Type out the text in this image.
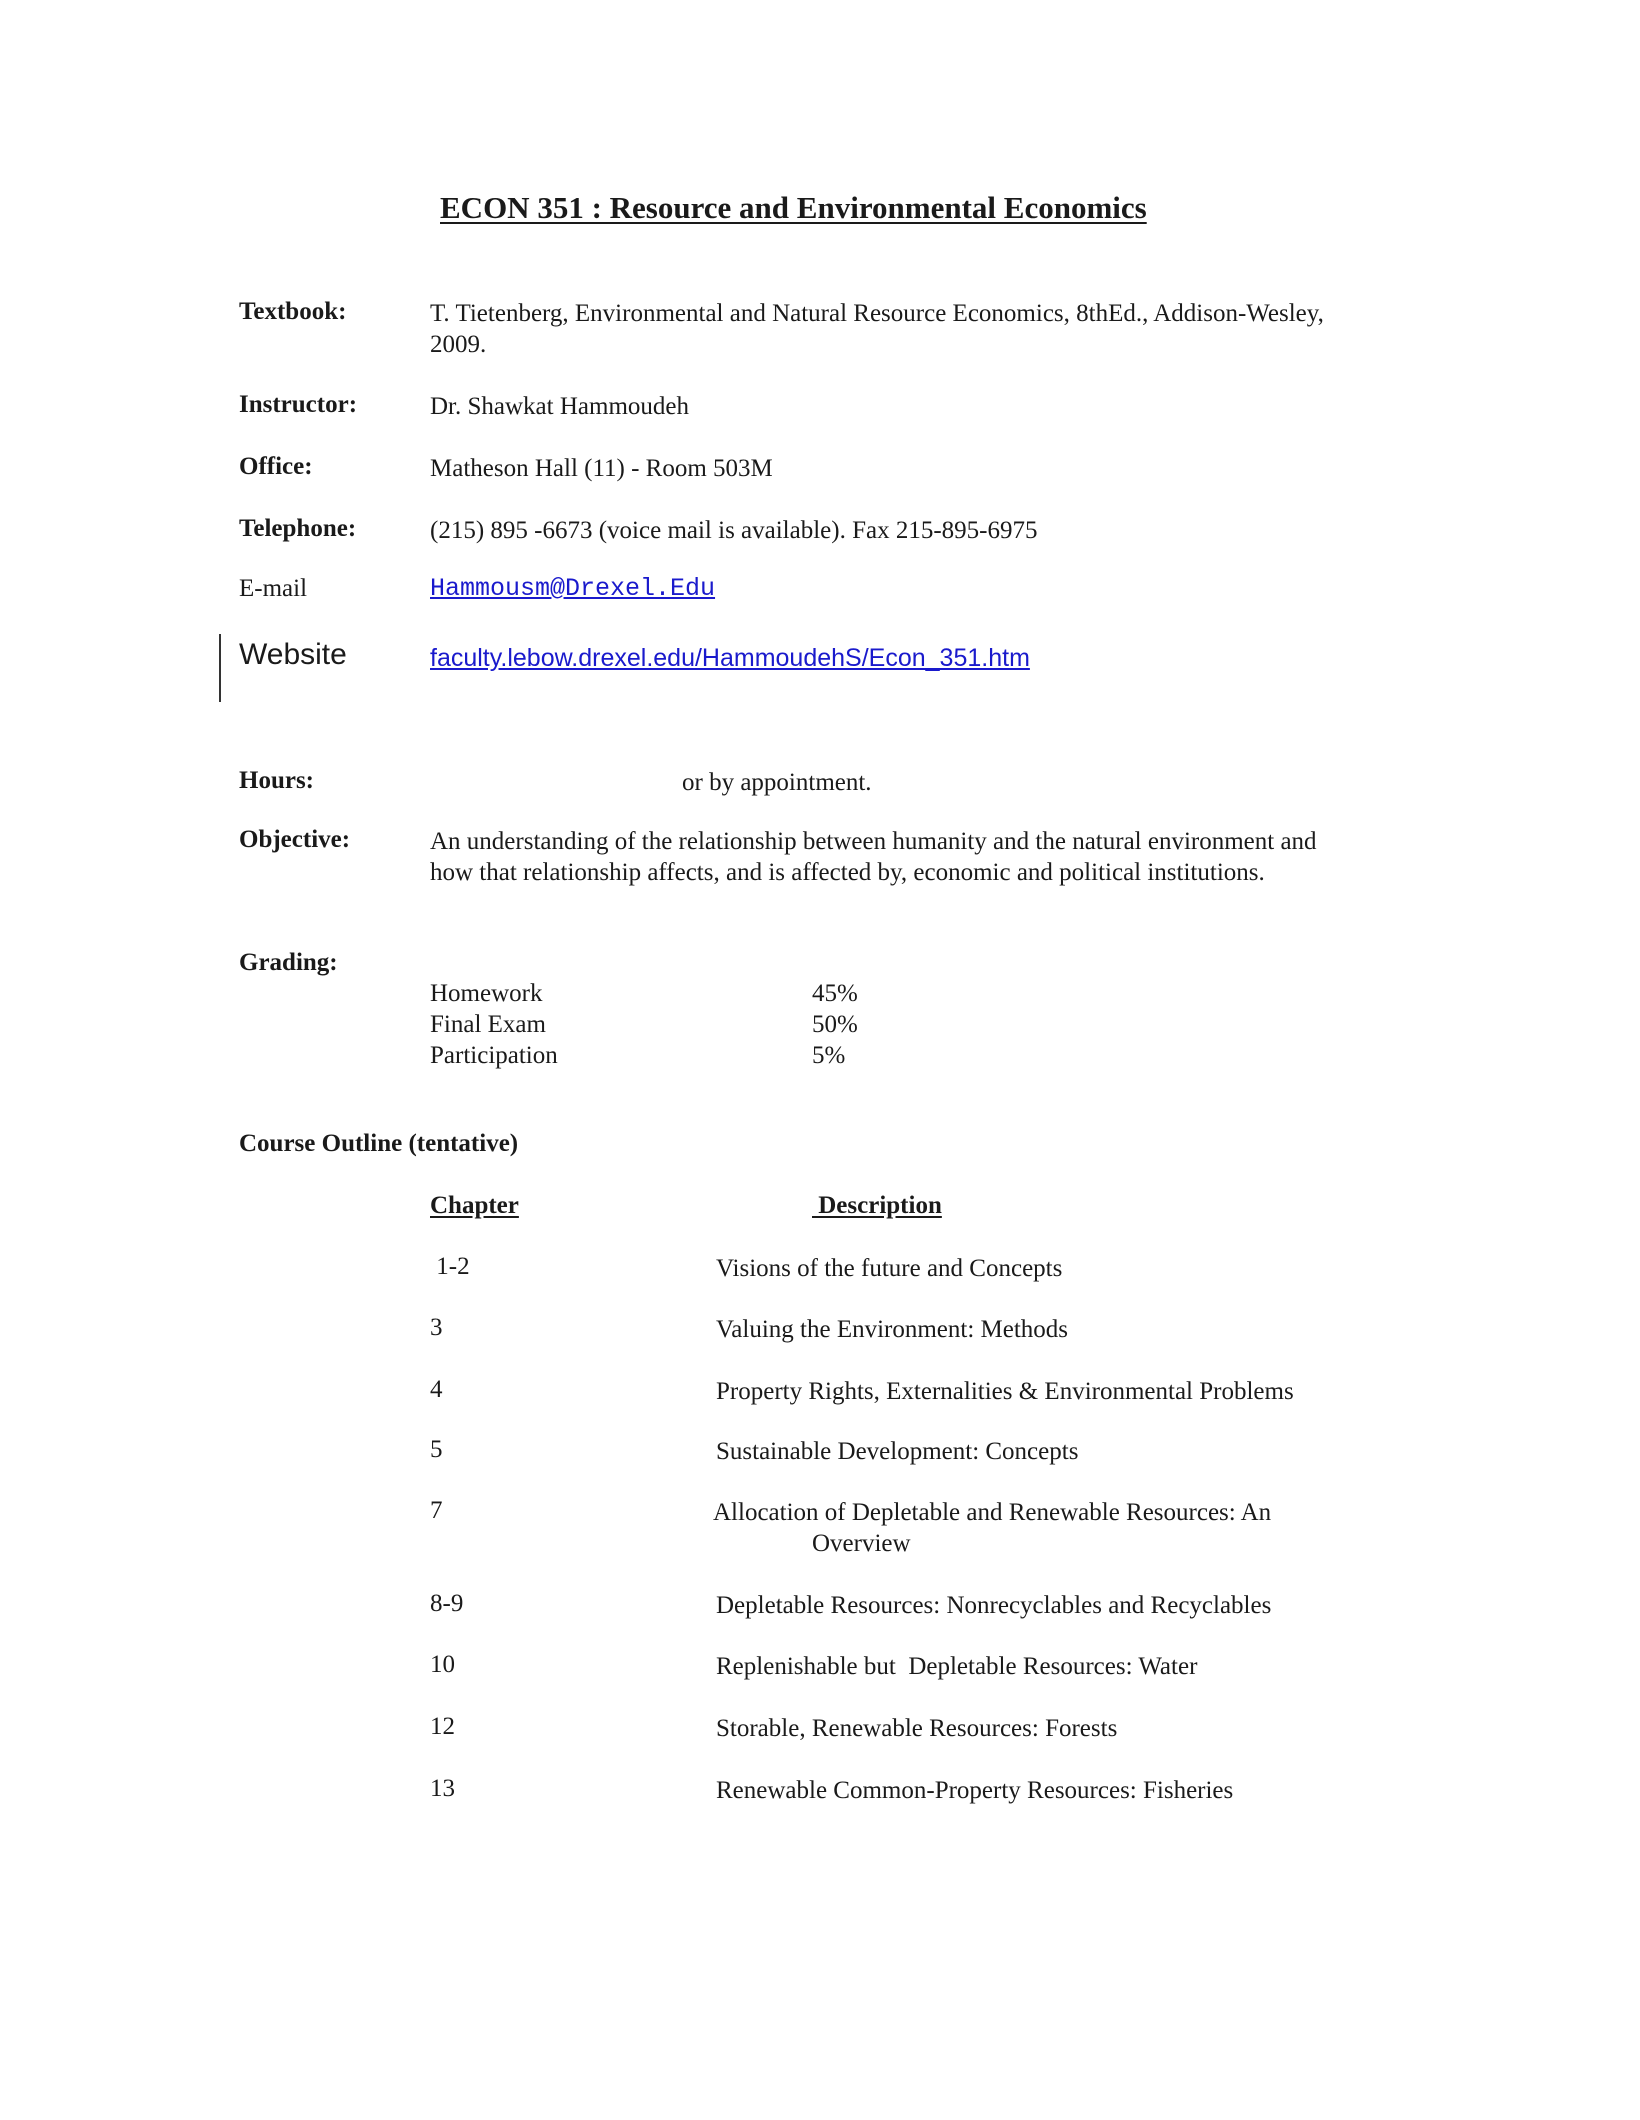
ECON 351 : Resource and Environmental Economics
Textbook:	T. Tietenberg, Environmental and Natural Resource Economics, 8thEd., Addison-Wesley, 2009.
Instructor:	Dr. Shawkat Hammoudeh
Office:	Matheson Hall (11) - Room 503M
Telephone:	(215) 895 -6673 (voice mail is available). Fax 215-895-6975
E-mail	Hammousm@Drexel.Edu
Website	faculty.lebow.drexel.edu/HammoudehS/Econ_351.htm
Hours:	or by appointment.
Objective:	An understanding of the relationship between humanity and the natural environment and how that relationship affects, and is affected by, economic and political institutions.
Grading:
Homework	45%
Final Exam	50%
Participation	5%
Course Outline (tentative)
Chapter	Description
1-2	Visions of the future and Concepts
3	Valuing the Environment: Methods
4	Property Rights, Externalities & Environmental Problems
5	Sustainable Development: Concepts
7	Allocation of Depletable and Renewable Resources: An
Overview
8-9	Depletable Resources: Nonrecyclables and Recyclables
10	Replenishable but  Depletable Resources: Water
12	Storable, Renewable Resources: Forests
13	Renewable Common-Property Resources: Fisheries
